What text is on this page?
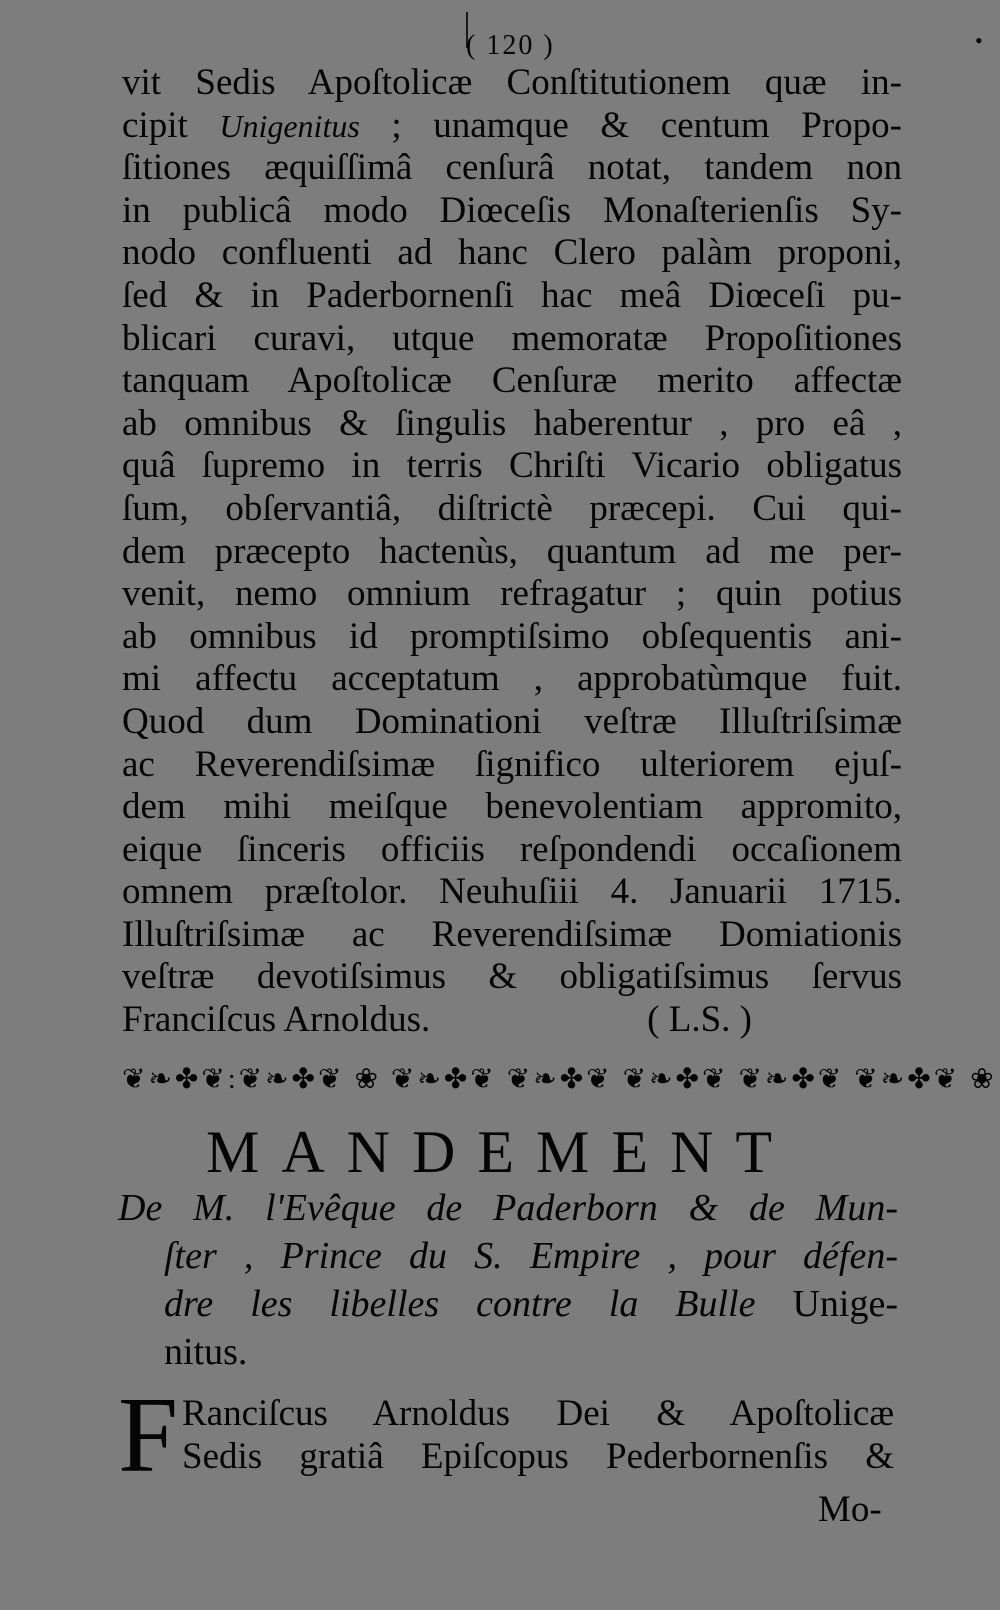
( 120 )	•
vit Sedis Apoſtolicæ Conſtitutionem quæ in-
cipit Unigenitus ; unamque & centum Propo-
ſitiones æquiſſimâ cenſurâ notat, tandem non
in publicâ modo Diœceſis Monaſterienſis Sy-
nodo confluenti ad hanc Clero palàm proponi,
ſed & in Paderbornenſi hac meâ Diœceſi pu-
blicari curavi, utque memoratæ Propoſitiones
tanquam Apoſtolicæ Cenſuræ merito affectæ
ab omnibus & ſingulis haberentur , pro eâ ,
quâ ſupremo in terris Chriſti Vicario obligatus
ſum, obſervantiâ, diſtrictè præcepi. Cui qui-
dem præcepto hactenùs, quantum ad me per-
venit, nemo omnium refragatur ; quin potius
ab omnibus id promptiſsimo obſequentis ani-
mi affectu acceptatum , approbatùmque fuit.
Quod dum Dominationi veſtræ Illuſtriſsimæ
ac Reverendiſsimæ ſignifico ulteriorem ejuſ-
dem mihi meiſque benevolentiam appromito,
eique ſinceris officiis reſpondendi occaſionem
omnem præſtolor. Neuhuſiii 4. Januarii 1715.
Illuſtriſsimæ ac Reverendiſsimæ Domiationis
veſtræ devotiſsimus & obligatiſsimus ſervus
Franciſcus Arnoldus.	( L.S. )
❦❧✤❦:❦❧✤❦ ❀ ❦❧✤❦ ❦❧✤❦ ❦❧✤❦ ❦❧✤❦ ❦❧✤❦ ❀
MANDEMENT
De M. l'Evêque de Paderborn & de Mun-
ſter , Prince du S. Empire , pour défen-
dre les libelles contre la Bulle Unige-
nitus.
F Ranciſcus Arnoldus Dei & Apoſtolicæ
Sedis gratiâ Epiſcopus Pederbornenſis &
Mo-
